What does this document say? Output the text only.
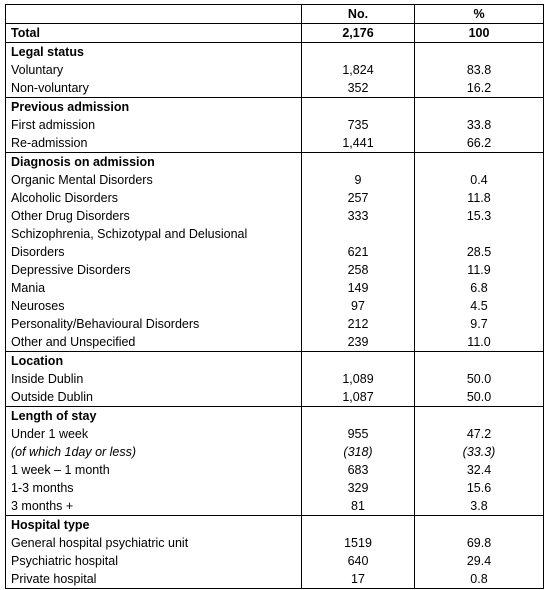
	No.	%
Total	2,176	100
Legal status		
Voluntary	1,824	83.8
Non-voluntary	352	16.2
Previous admission		
First admission	735	33.8
Re-admission	1,441	66.2
Diagnosis on admission		
Organic Mental Disorders	9	0.4
Alcoholic Disorders	257	11.8
Other Drug Disorders	333	15.3
Schizophrenia, Schizotypal and Delusional		
Disorders	621	28.5
Depressive Disorders	258	11.9
Mania	149	6.8
Neuroses	97	4.5
Personality/Behavioural Disorders	212	9.7
Other and Unspecified	239	11.0
Location		
Inside Dublin	1,089	50.0
Outside Dublin	1,087	50.0
Length of stay		
Under 1 week	955	47.2
(of which 1day or less)	(318)	(33.3)
1 week – 1 month	683	32.4
1-3 months	329	15.6
3 months +	81	3.8
Hospital type		
General hospital psychiatric unit	1519	69.8
Psychiatric hospital	640	29.4
Private hospital	17	0.8
